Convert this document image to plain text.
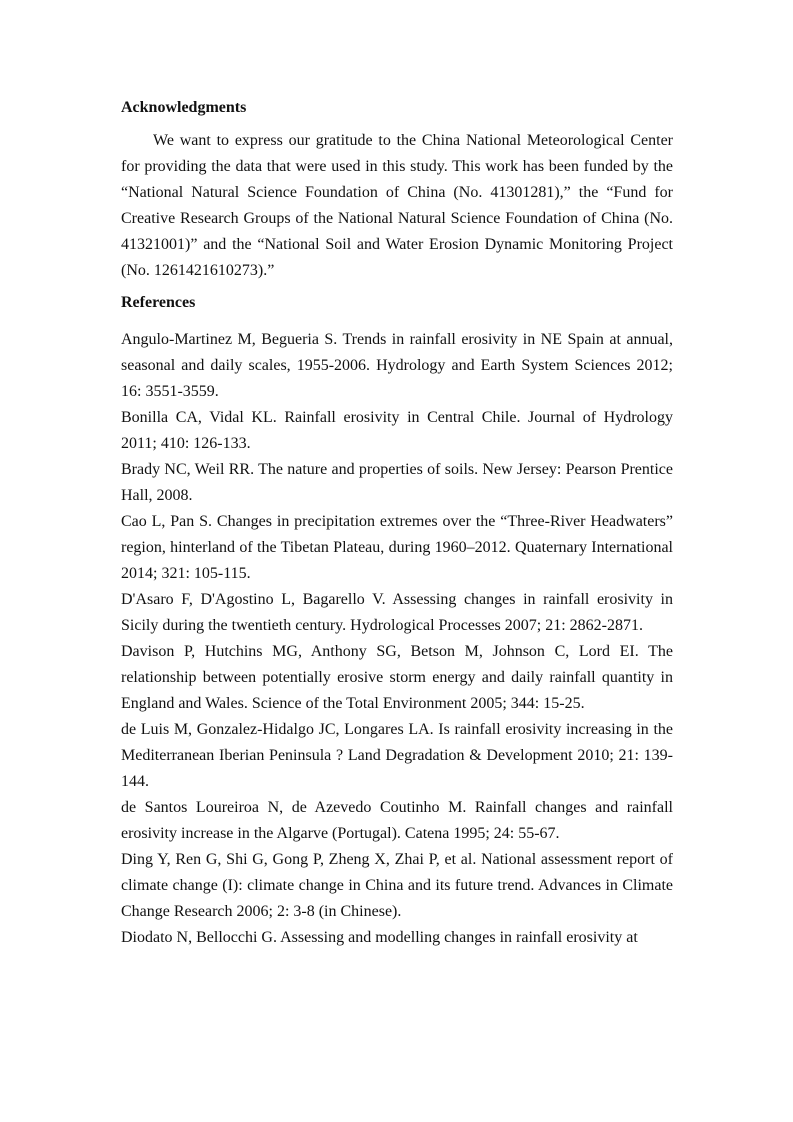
Acknowledgments

We want to express our gratitude to the China National Meteorological Center for providing the data that were used in this study. This work has been funded by the “National Natural Science Foundation of China (No. 41301281),” the “Fund for Creative Research Groups of the National Natural Science Foundation of China (No. 41321001)” and the “National Soil and Water Erosion Dynamic Monitoring Project (No. 1261421610273).”

References

Angulo-Martinez M, Begueria S. Trends in rainfall erosivity in NE Spain at annual, seasonal and daily scales, 1955-2006. Hydrology and Earth System Sciences 2012; 16: 3551-3559.

Bonilla CA, Vidal KL. Rainfall erosivity in Central Chile. Journal of Hydrology 2011; 410: 126-133.

Brady NC, Weil RR. The nature and properties of soils. New Jersey: Pearson Prentice Hall, 2008.

Cao L, Pan S. Changes in precipitation extremes over the “Three-River Headwaters” region, hinterland of the Tibetan Plateau, during 1960–2012. Quaternary International 2014; 321: 105-115.

D'Asaro F, D'Agostino L, Bagarello V. Assessing changes in rainfall erosivity in Sicily during the twentieth century. Hydrological Processes 2007; 21: 2862-2871.

Davison P, Hutchins MG, Anthony SG, Betson M, Johnson C, Lord EI. The relationship between potentially erosive storm energy and daily rainfall quantity in England and Wales. Science of the Total Environment 2005; 344: 15-25.

de Luis M, Gonzalez-Hidalgo JC, Longares LA. Is rainfall erosivity increasing in the Mediterranean Iberian Peninsula ? Land Degradation & Development 2010; 21: 139-144.

de Santos Loureiroa N, de Azevedo Coutinho M. Rainfall changes and rainfall erosivity increase in the Algarve (Portugal). Catena 1995; 24: 55-67.

Ding Y, Ren G, Shi G, Gong P, Zheng X, Zhai P, et al. National assessment report of climate change (I): climate change in China and its future trend. Advances in Climate Change Research 2006; 2: 3-8 (in Chinese).

Diodato N, Bellocchi G. Assessing and modelling changes in rainfall erosivity at
